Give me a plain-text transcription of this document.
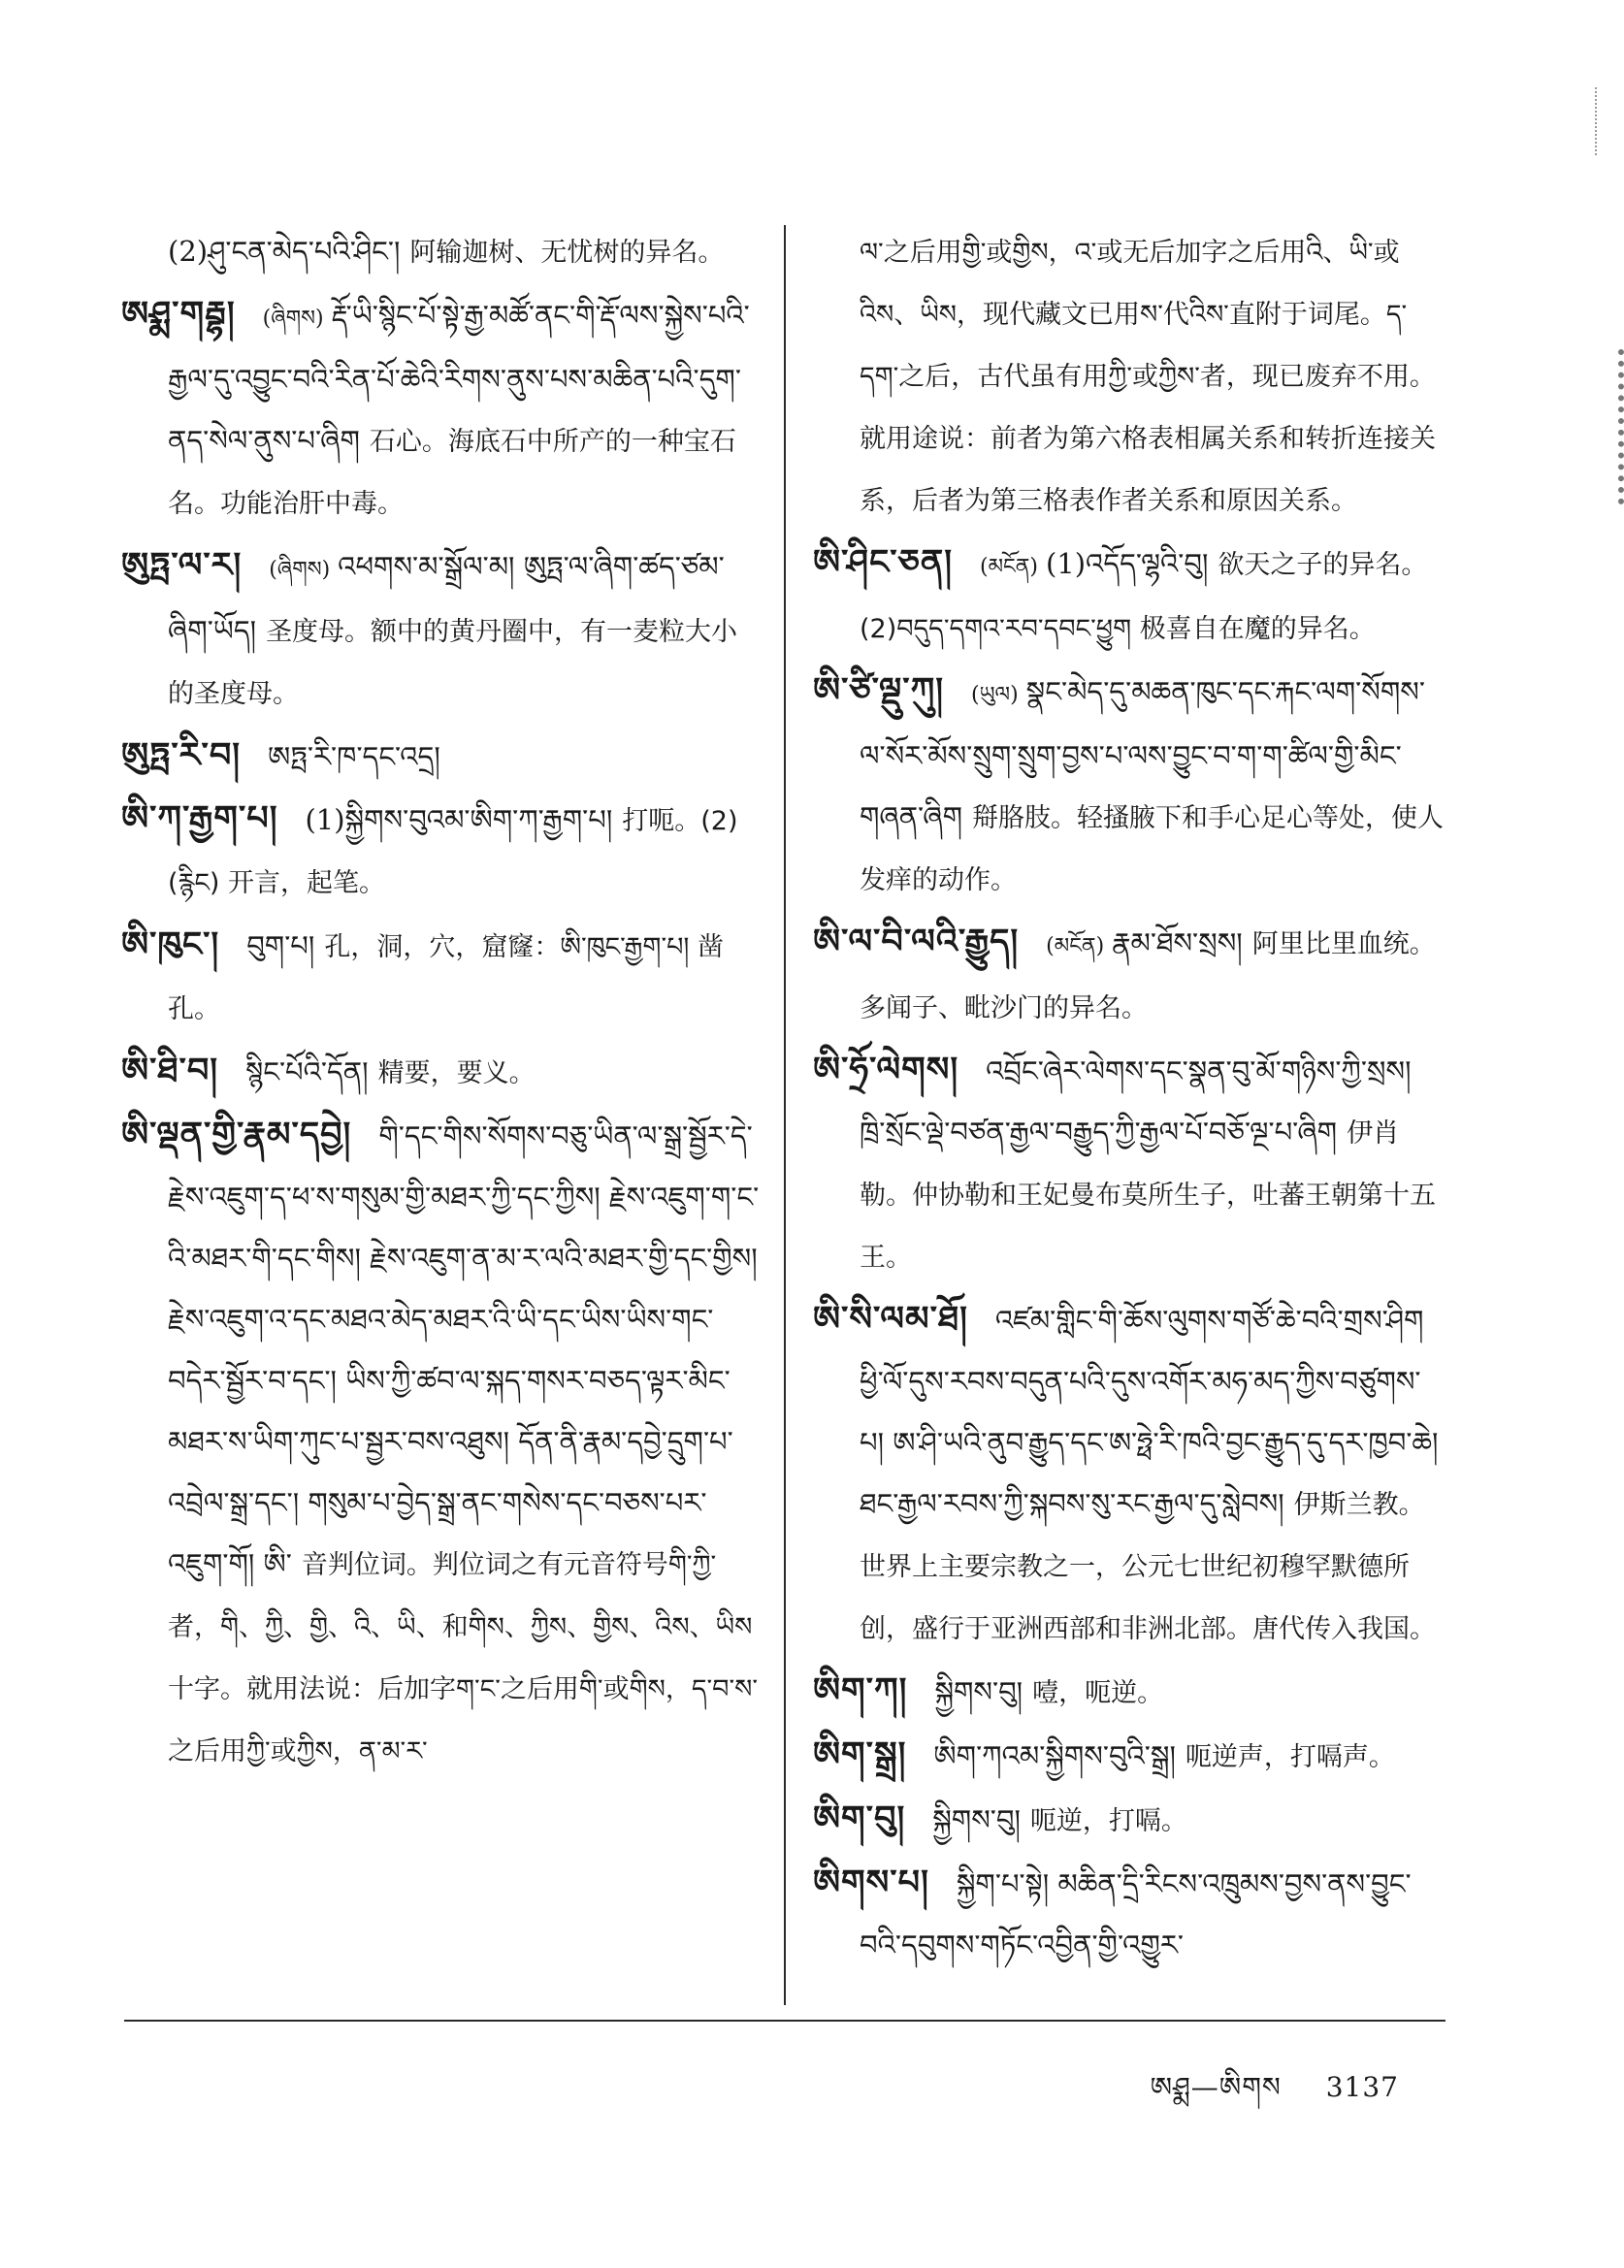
(2)ཤུ་ངན་མེད་པའི་ཤིང་། 阿输迦树、无忧树的异名。
ཨཤྨ་གརྦྷ། (ཞིགས) རྡོ་ཡི་སྙིང་པོ་སྟེ་རྒྱ་མཚོ་ནང་གི་རྡོ་ལས་སྐྱེས་པའི་རྒྱལ་དུ་འབྱུང་བའི་རིན་པོ་ཆེའི་རིགས་ནུས་པས་མཆིན་པའི་དུག་ནད་སེལ་ནུས་པ་ཞིག 石心。海底石中所产的一种宝石名。功能治肝中毒。
ཨུཏྤ་ལ་ར། (ཞིགས) འཕགས་མ་སྒྲོལ་མ། ཨུཏྤ་ལ་ཞིག་ཚད་ཙམ་ཞིག་ཡོད། 圣度母。额中的黄丹圈中，有一麦粒大小的圣度母。
ཨུཏྤ་རི་བ། ཨཏྤ་རི་ཁ་དང་འདྲ།
ཨི་ཀ་རྒྱག་པ། (1)སྐྱིགས་བུའམ་ཨིག་ཀ་རྒྱག་པ། 打呃。(2)(རྙིང) 开言，起笔。
ཨི་ཁུང་། བུག་པ། 孔，洞，穴，窟窿：ཨི་ཁུང་རྒྱག་པ། 凿孔。
ཨི་ཐི་བ། སྙིང་པོའི་དོན། 精要，要义。
ཨི་ལྡན་གྱི་རྣམ་དབྱེ། གི་དང་གིས་སོགས་བཅུ་ཡིན་ལ་སྒྲ་སྦྱོར་དེ་རྗེས་འཇུག་ད་ཕ་ས་གསུམ་གྱི་མཐར་ཀྱི་དང་ཀྱིས། རྗེས་འཇུག་ག་ང་འི་མཐར་གི་དང་གིས། རྗེས་འཇུག་ན་མ་ར་ལའི་མཐར་གྱི་དང་གྱིས། རྗེས་འཇུག་འ་དང་མཐའ་མེད་མཐར་འི་ཡི་དང་ཡིས་ཡིས་གང་བདེར་སྦྱོར་བ་དང་། ཡིས་ཀྱི་ཚབ་ལ་སྐད་གསར་བཅད་ལྟར་མིང་མཐར་ས་ཡིག་ཀུང་པ་སྦྱར་བས་འཐུས། དོན་ནི་རྣམ་དབྱེ་དྲུག་པ་འབྲེལ་སྒྲ་དང་། གསུམ་པ་བྱེད་སྒྲ་ནང་གསེས་དང་བཅས་པར་འཇུག་གོ། ཨི་ 音判位词。判位词之有元音符号གི་ཀྱི་者，གི、ཀྱི、གྱི、འི、ཡི、和གིས、ཀྱིས、གྱིས、འིས、ཡིས 十字。就用法说：后加字ག་ང་之后用གི་或གིས，ད་བ་ས་之后用ཀྱི་或ཀྱིས，ན་མ་ར་
ལ་之后用གྱི་或གྱིས，འ་或无后加字之后用འི、ཡི་或འིས、ཡིས，现代藏文已用ས་代འིས་直附于词尾。ད་དག་之后，古代虽有用ཀྱི་或ཀྱིས་者，现已废弃不用。就用途说：前者为第六格表相属关系和转折连接关系，后者为第三格表作者关系和原因关系。
ཨི་ཤིང་ཅན། (མངོན) (1)འདོད་ལྷའི་བུ། 欲天之子的异名。(2)བདུད་དགའ་རབ་དབང་ཕྱུག 极喜自在魔的异名。
ཨི་ཙི་ལྡུ་ཀུ། (ཡུལ) སྣང་མེད་དུ་མཆན་ཁུང་དང་རྐང་ལག་སོགས་ལ་སོར་མོས་སྲུག་སྲུག་བྱས་པ་ལས་བྱུང་བ་ག་ག་ཚིལ་གྱི་མིང་གཞན་ཞིག 搿胳肢。轻搔腋下和手心足心等处，使人发痒的动作。
ཨི་ལ་བི་ལའི་རྒྱུད། (མངོན) རྣམ་ཐོས་སྲས། 阿里比里血统。多闻子、毗沙门的异名。
ཨི་ཧྲོ་ལེགས། འབྲོང་ཞེར་ལེགས་དང་སྣན་བུ་མོ་གཉིས་ཀྱི་སྲས། ཁྲི་སྲོང་ལྡེ་བཙན་རྒྱལ་བརྒྱུད་ཀྱི་རྒྱལ་པོ་བཅོ་ལྔ་པ་ཞིག 伊肖勒。仲协勒和王妃曼布莫所生子，吐蕃王朝第十五王。
ཨི་སི་ལམ་ཐོ། འཛམ་གླིང་གི་ཆོས་ལུགས་གཙོ་ཆེ་བའི་གྲས་ཤིག ཕྱི་ལོ་དུས་རབས་བདུན་པའི་དུས་འགོར་མཧ་མད་ཀྱིས་བཙུགས་པ། ཨ་ཤི་ཡའི་ནུབ་རྒྱུད་དང་ཨ་ཧྥེ་རི་ཁའི་བྱང་རྒྱུད་དུ་དར་ཁྱབ་ཆེ། ཐང་རྒྱལ་རབས་ཀྱི་སྐབས་སུ་རང་རྒྱལ་དུ་སླེབས། 伊斯兰教。世界上主要宗教之一，公元七世纪初穆罕默德所创，盛行于亚洲西部和非洲北部。唐代传入我国。
ཨིག་ཀ། སྐྱིགས་བུ། 噎，呃逆。
ཨིག་སྒྲ། ཨིག་ཀའམ་སྐྱིགས་བུའི་སྒྲ། 呃逆声，打嗝声。
ཨིག་བུ། སྐྱིགས་བུ། 呃逆，打嗝。
ཨིགས་པ། སྐྱིག་པ་སྟེ། མཆིན་དྲི་རིངས་འཁྲུམས་བྱས་ནས་བྱུང་བའི་དབུགས་གཏོང་འབྱིན་གྱི་འགྱུར་
ཨཤྨ—ཨིགས 3137
